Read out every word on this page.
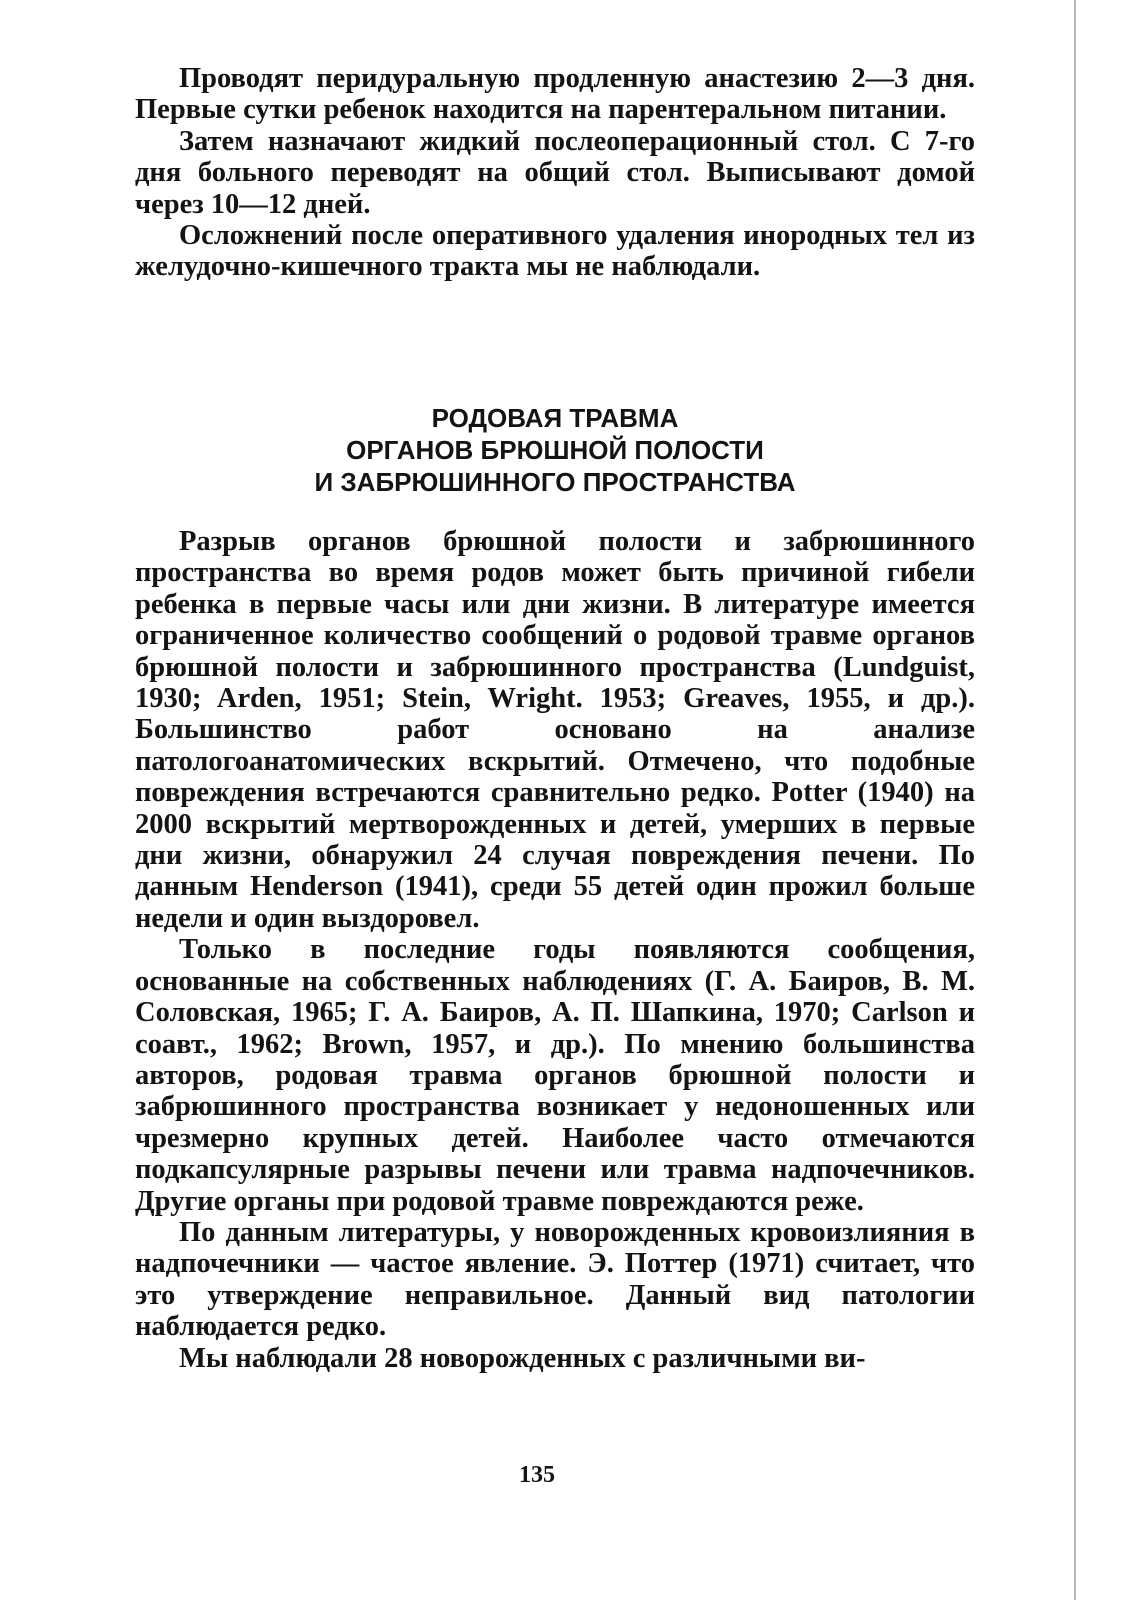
Проводят перидуральную продленную анастезию 2—3 дня. Первые сутки ребенок находится на парентеральном питании.

Затем назначают жидкий послеоперационный стол. С 7-го дня больного переводят на общий стол. Выписывают домой через 10—12 дней.

Осложнений после оперативного удаления инородных тел из желудочно-кишечного тракта мы не наблюдали.

РОДОВАЯ ТРАВМА
ОРГАНОВ БРЮШНОЙ ПОЛОСТИ
И ЗАБРЮШИННОГО ПРОСТРАНСТВА

Разрыв органов брюшной полости и забрюшинного пространства во время родов может быть причиной гибели ребенка в первые часы или дни жизни. В литературе имеется ограниченное количество сообщений о родовой травме органов брюшной полости и забрюшинного пространства (Lundguist, 1930; Arden, 1951; Stein, Wright. 1953; Greaves, 1955, и др.). Большинство работ основано на анализе патологоанатомических вскрытий. Отмечено, что подобные повреждения встречаются сравнительно редко. Potter (1940) на 2000 вскрытий мертворожденных и детей, умерших в первые дни жизни, обнаружил 24 случая повреждения печени. По данным Henderson (1941), среди 55 детей один прожил больше недели и один выздоровел.

Только в последние годы появляются сообщения, основанные на собственных наблюдениях (Г. А. Баиров, В. М. Соловская, 1965; Г. А. Баиров, А. П. Шапкина, 1970; Carlson и соавт., 1962; Brown, 1957, и др.). По мнению большинства авторов, родовая травма органов брюшной полости и забрюшинного пространства возникает у недоношенных или чрезмерно крупных детей. Наиболее часто отмечаются подкапсулярные разрывы печени или травма надпочечников. Другие органы при родовой травме повреждаются реже.

По данным литературы, у новорожденных кровоизлияния в надпочечники — частое явление. Э. Поттер (1971) считает, что это утверждение неправильное. Данный вид патологии наблюдается редко.

Мы наблюдали 28 новорожденных с различными ви-

135
